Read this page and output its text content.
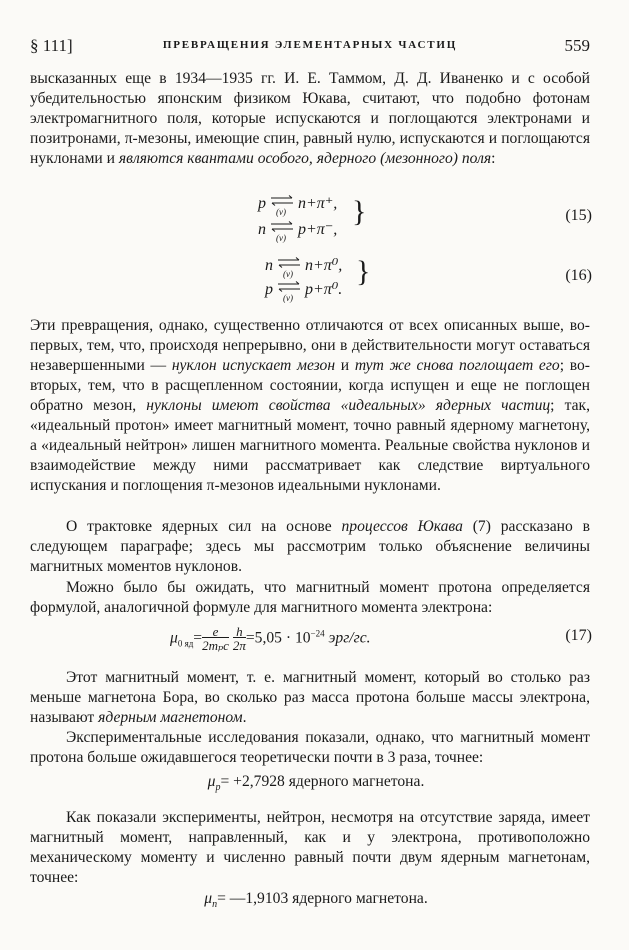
§ 111]	ПРЕВРАЩЕНИЯ ЭЛЕМЕНТАРНЫХ ЧАСТИЦ	559

высказанных еще в 1934—1935 гг. И. Е. Таммом, Д. Д. Иваненко и с особой убедительностью японским физиком Юкава, считают, что подобно фотонам электромагнитного поля, которые испускаются и поглощаются электронами и позитронами, π-мезоны, имеющие спин, равный нулю, испускаются и поглощаются нуклонами и являются квантами особого, ядерного (мезонного) поля:

p
(ν)
n+π⁺,
n
(ν)
p+π⁻,
}	(15)
n
(ν)
n+π⁰,
p
(ν)
p+π⁰.
}	(16)

Эти превращения, однако, существенно отличаются от всех описанных выше, во-первых, тем, что, происходя непрерывно, они в действительности могут оставаться незавершенными — нуклон испускает мезон и тут же снова поглощает его; во-вторых, тем, что в расщепленном состоянии, когда испущен и еще не поглощен обратно мезон, нуклоны имеют свойства «идеальных» ядерных частиц; так, «идеальный протон» имеет магнитный момент, точно равный ядерному магнетону, а «идеальный нейтрон» лишен магнитного момента. Реальные свойства нуклонов и взаимодействие между ними рассматривает как следствие виртуального испускания и поглощения π-мезонов идеальными нуклонами.

О трактовке ядерных сил на основе процессов Юкава (7) рассказано в следующем параграфе; здесь мы рассмотрим только объяснение величины магнитных моментов нуклонов.

Можно было бы ожидать, что магнитный момент протона определяется формулой, аналогичной формуле для магнитного момента электрона:

$\mu_{0 яд}=\frac{e}{\text{2mₚc}} \frac{h}{2\pi}=5,05 \cdot 10^{-24}$ эрг/гс.	(17)

Этот магнитный момент, т. е. магнитный момент, который во столько раз меньше магнетона Бора, во сколько раз масса протона больше массы электрона, называют ядерным магнетоном.

Экспериментальные исследования показали, однако, что магнитный момент протона больше ожидавшегося теоретически почти в 3 раза, точнее:

$\mu_p= +2,7928$ ядерного магнетона.

Как показали эксперименты, нейтрон, несмотря на отсутствие заряда, имеет магнитный момент, направленный, как и у электрона, противоположно механическому моменту и численно равный почти двум ядерным магнетонам, точнее:

$\mu_n=$ —1,9103 ядерного магнетона.
